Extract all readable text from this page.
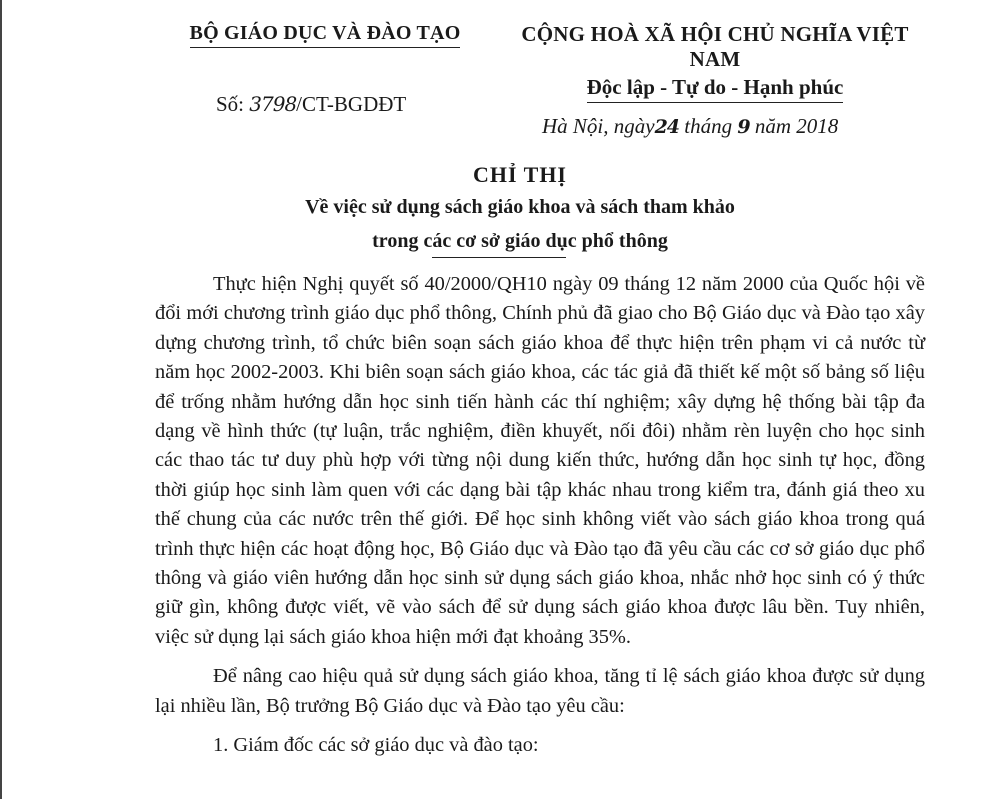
BỘ GIÁO DỤC VÀ ĐÀO TẠO	CỘNG HOÀ XÃ HỘI CHỦ NGHĨA VIỆT NAM
Độc lập - Tự do - Hạnh phúc
Số: 3798/CT-BGDĐT
Hà Nội, ngày24 tháng 9 năm 2018
CHỈ THỊ
Về việc sử dụng sách giáo khoa và sách tham khảo
trong các cơ sở giáo dục phổ thông

Thực hiện Nghị quyết số 40/2000/QH10 ngày 09 tháng 12 năm 2000 của Quốc hội về đổi mới chương trình giáo dục phổ thông, Chính phủ đã giao cho Bộ Giáo dục và Đào tạo xây dựng chương trình, tổ chức biên soạn sách giáo khoa để thực hiện trên phạm vi cả nước từ năm học 2002-2003. Khi biên soạn sách giáo khoa, các tác giả đã thiết kế một số bảng số liệu để trống nhằm hướng dẫn học sinh tiến hành các thí nghiệm; xây dựng hệ thống bài tập đa dạng về hình thức (tự luận, trắc nghiệm, điền khuyết, nối đôi) nhằm rèn luyện cho học sinh các thao tác tư duy phù hợp với từng nội dung kiến thức, hướng dẫn học sinh tự học, đồng thời giúp học sinh làm quen với các dạng bài tập khác nhau trong kiểm tra, đánh giá theo xu thế chung của các nước trên thế giới. Để học sinh không viết vào sách giáo khoa trong quá trình thực hiện các hoạt động học, Bộ Giáo dục và Đào tạo đã yêu cầu các cơ sở giáo dục phổ thông và giáo viên hướng dẫn học sinh sử dụng sách giáo khoa, nhắc nhở học sinh có ý thức giữ gìn, không được viết, vẽ vào sách để sử dụng sách giáo khoa được lâu bền. Tuy nhiên, việc sử dụng lại sách giáo khoa hiện mới đạt khoảng 35%.

Để nâng cao hiệu quả sử dụng sách giáo khoa, tăng tỉ lệ sách giáo khoa được sử dụng lại nhiều lần, Bộ trưởng Bộ Giáo dục và Đào tạo yêu cầu:

1. Giám đốc các sở giáo dục và đào tạo:
